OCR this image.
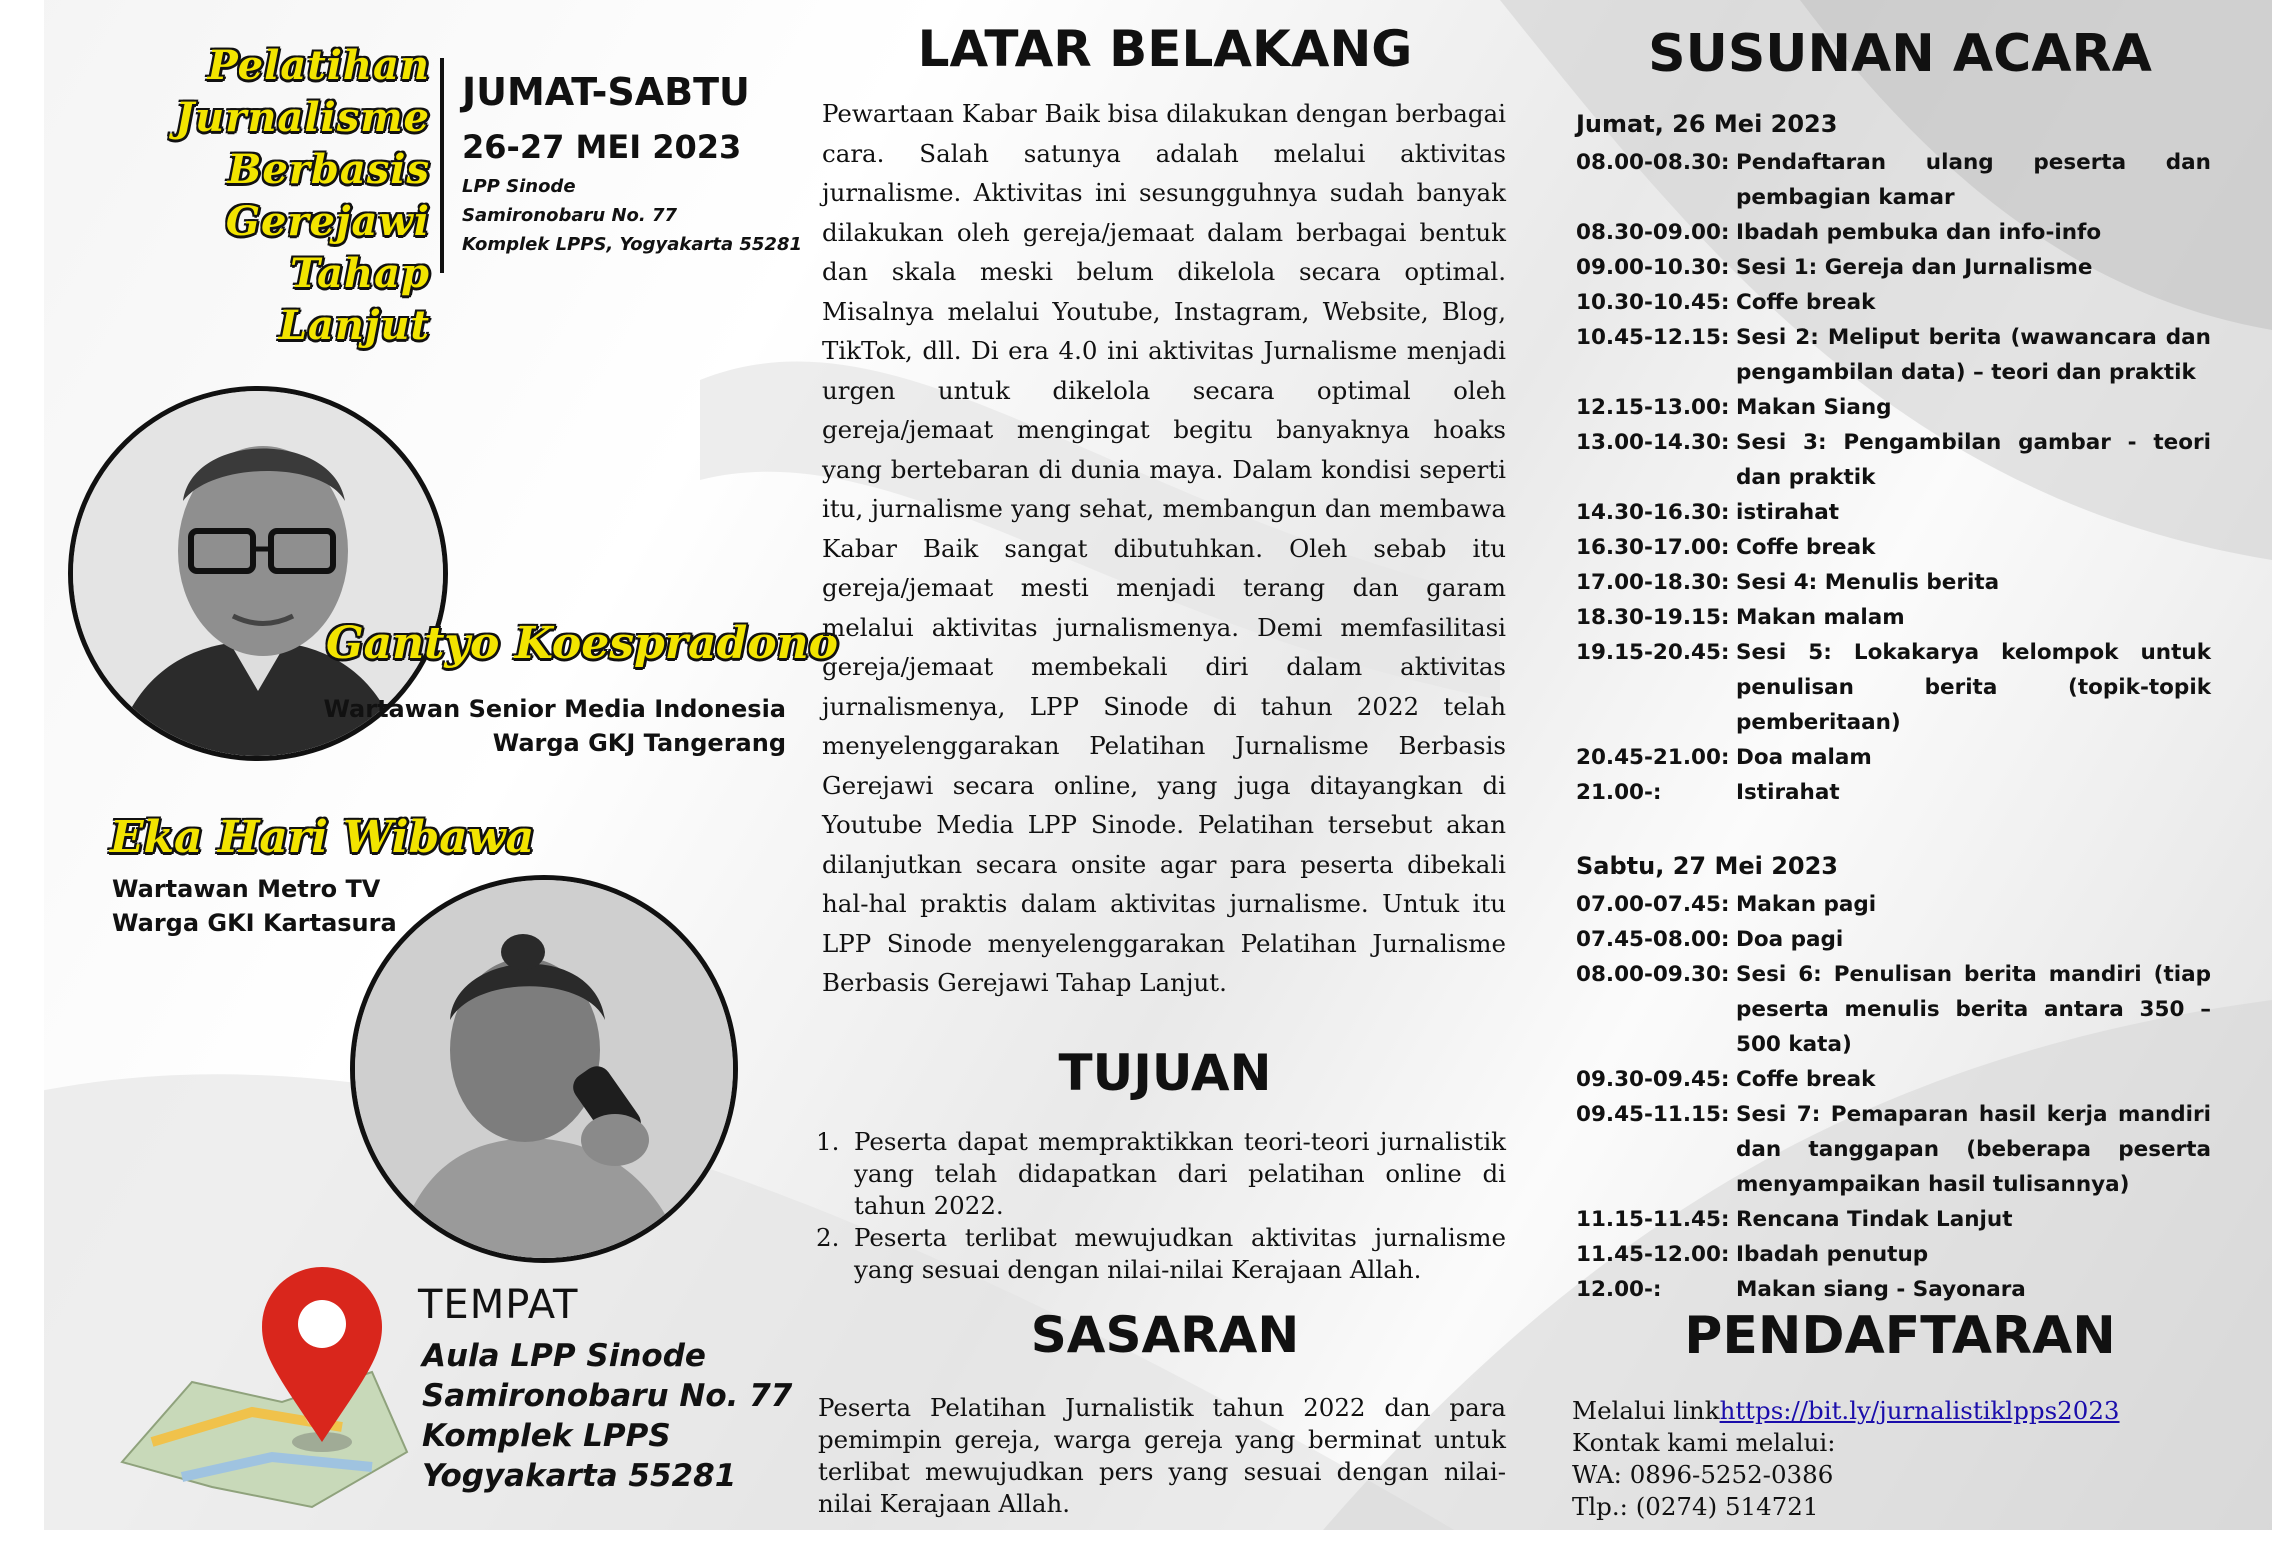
Pelatihan
Jurnalisme
Berbasis Gerejawi
Tahap Lanjut
JUMAT-SABTU
26-27 MEI 2023
LPP Sinode
Samironobaru No. 77
Komplek LPPS, Yogyakarta 55281
Gantyo Koespradono
Wartawan Senior Media Indonesia
Warga GKJ Tangerang
Eka Hari Wibawa
Wartawan Metro TV
Warga GKI Kartasura
TEMPAT
Aula LPP Sinode
Samironobaru No. 77
Komplek LPPS
Yogyakarta 55281
LATAR BELAKANG
Pewartaan Kabar Baik bisa dilakukan dengan berbagai cara. Salah satunya adalah melalui aktivitas jurnalisme. Aktivitas ini sesungguhnya sudah banyak dilakukan oleh gereja/jemaat dalam berbagai bentuk dan skala meski belum dikelola secara optimal. Misalnya melalui Youtube, Instagram, Website, Blog, TikTok, dll. Di era 4.0 ini aktivitas Jurnalisme menjadi urgen untuk dikelola secara optimal oleh gereja/jemaat mengingat begitu banyaknya hoaks yang bertebaran di dunia maya. Dalam kondisi seperti itu, jurnalisme yang sehat, membangun dan membawa Kabar Baik sangat dibutuhkan. Oleh sebab itu gereja/jemaat mesti menjadi terang dan garam melalui aktivitas jurnalismenya. Demi memfasilitasi gereja/jemaat membekali diri dalam aktivitas jurnalismenya, LPP Sinode di tahun 2022 telah menyelenggarakan Pelatihan Jurnalisme Berbasis Gerejawi secara online, yang juga ditayangkan di Youtube Media LPP Sinode. Pelatihan tersebut akan dilanjutkan secara onsite agar para peserta dibekali hal-hal praktis dalam aktivitas jurnalisme. Untuk itu LPP Sinode menyelenggarakan Pelatihan Jurnalisme Berbasis Gerejawi Tahap Lanjut.
TUJUAN
1. Peserta dapat mempraktikkan teori-teori jurnalistik yang telah didapatkan dari pelatihan online di tahun 2022.
2. Peserta terlibat mewujudkan aktivitas jurnalisme yang sesuai dengan nilai-nilai Kerajaan Allah.
SASARAN
Peserta Pelatihan Jurnalistik tahun 2022 dan para pemimpin gereja, warga gereja yang berminat untuk terlibat mewujudkan pers yang sesuai dengan nilai-nilai Kerajaan Allah.
SUSUNAN ACARA
Jumat, 26 Mei 2023
08.00-08.30: Pendaftaran ulang peserta dan pembagian kamar
08.30-09.00: Ibadah pembuka dan info-info
09.00-10.30: Sesi 1: Gereja dan Jurnalisme
10.30-10.45: Coffe break
10.45-12.15: Sesi 2: Meliput berita (wawancara dan pengambilan data) – teori dan praktik
12.15-13.00: Makan Siang
13.00-14.30: Sesi 3: Pengambilan gambar - teori dan praktik
14.30-16.30: istirahat
16.30-17.00: Coffe break
17.00-18.30: Sesi 4: Menulis berita
18.30-19.15: Makan malam
19.15-20.45: Sesi 5: Lokakarya kelompok untuk penulisan berita (topik-topik pemberitaan)
20.45-21.00: Doa malam
21.00-:	Istirahat
Sabtu, 27 Mei 2023
07.00-07.45: Makan pagi
07.45-08.00: Doa pagi
08.00-09.30: Sesi 6: Penulisan berita mandiri (tiap peserta menulis berita antara 350 – 500 kata)
09.30-09.45: Coffe break
09.45-11.15: Sesi 7: Pemaparan hasil kerja mandiri dan tanggapan (beberapa peserta menyampaikan hasil tulisannya)
11.15-11.45: Rencana Tindak Lanjut
11.45-12.00: Ibadah penutup
12.00-:	Makan siang - Sayonara
PENDAFTARAN
Melalui linkhttps://bit.ly/jurnalistiklpps2023
Kontak kami melalui:
WA: 0896-5252-0386
Tlp.: (0274) 514721
